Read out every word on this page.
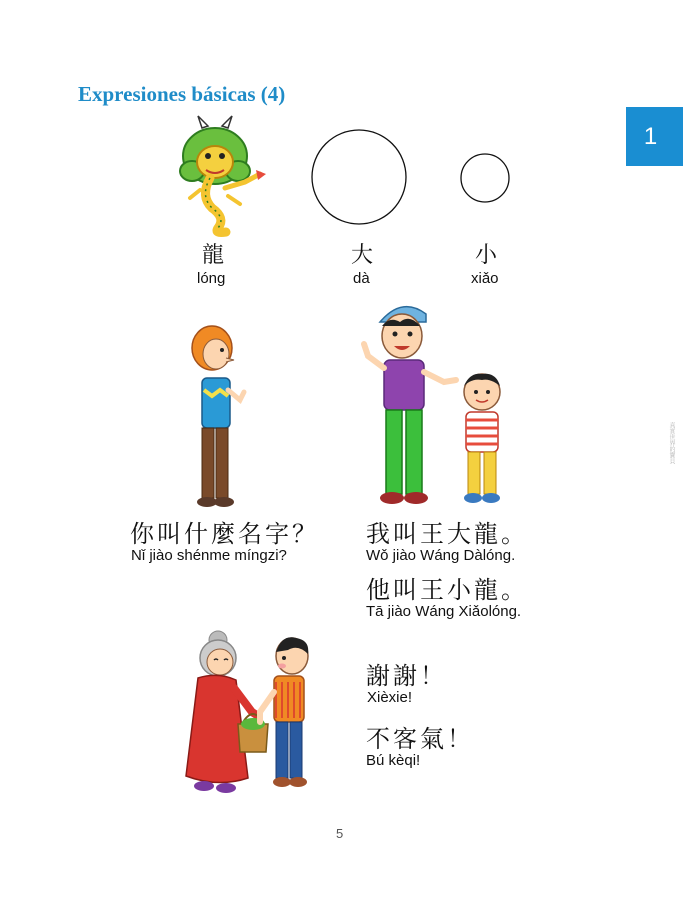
Expresiones básicas (4)
1
真實世界的寶貝
龍
lóng
大
dà
小
xiǎo
你叫什麼名字？
Nǐ jiào shénme míngzi?
我叫王大龍。
Wǒ jiào Wáng Dàlóng.
他叫王小龍。
Tā jiào Wáng Xiǎolóng.
謝謝！
Xièxie!
不客氣！
Bú kèqi!
5
